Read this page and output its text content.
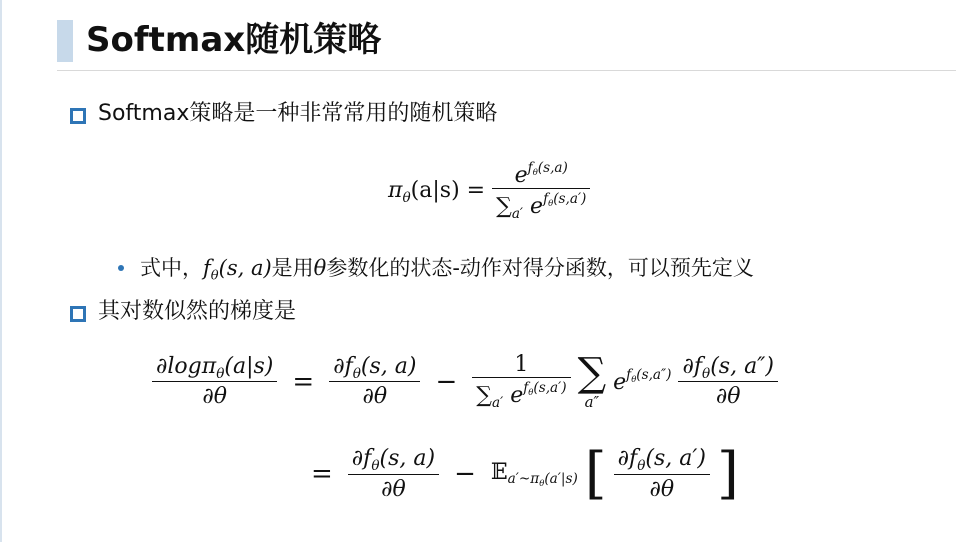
Softmax随机策略
Softmax策略是一种非常常用的随机策略
$\pi_\theta(a|s) = \frac{e^{f_\theta(s,a)}}{\sum_{a'} e^{f_\theta(s,a')}}$
式中，$f_\theta(s$, a)是用θ参数化的状态-动作对得分函数，可以预先定义
其对数似然的梯度是
$\frac{\partial\log\pi_\theta(a|s)}{\partial\theta} = \frac{\partial f_\theta(s, a)}{\partial\theta} - \frac{1}{\sum_{a'} e^{f_\theta(s,a')}}$
∑
a″
$e^{f_\theta(s,a'')} \frac{\partial f_\theta(s, a'')}{\partial\theta}$
= $\frac{\partial f_\theta(s, a)}{\partial\theta}$ − 𝔼$_{a'\sim\pi_\theta(a'|s)}$ [ $\frac{\partial f_\theta(s, a')}{\partial\theta}$ ]
